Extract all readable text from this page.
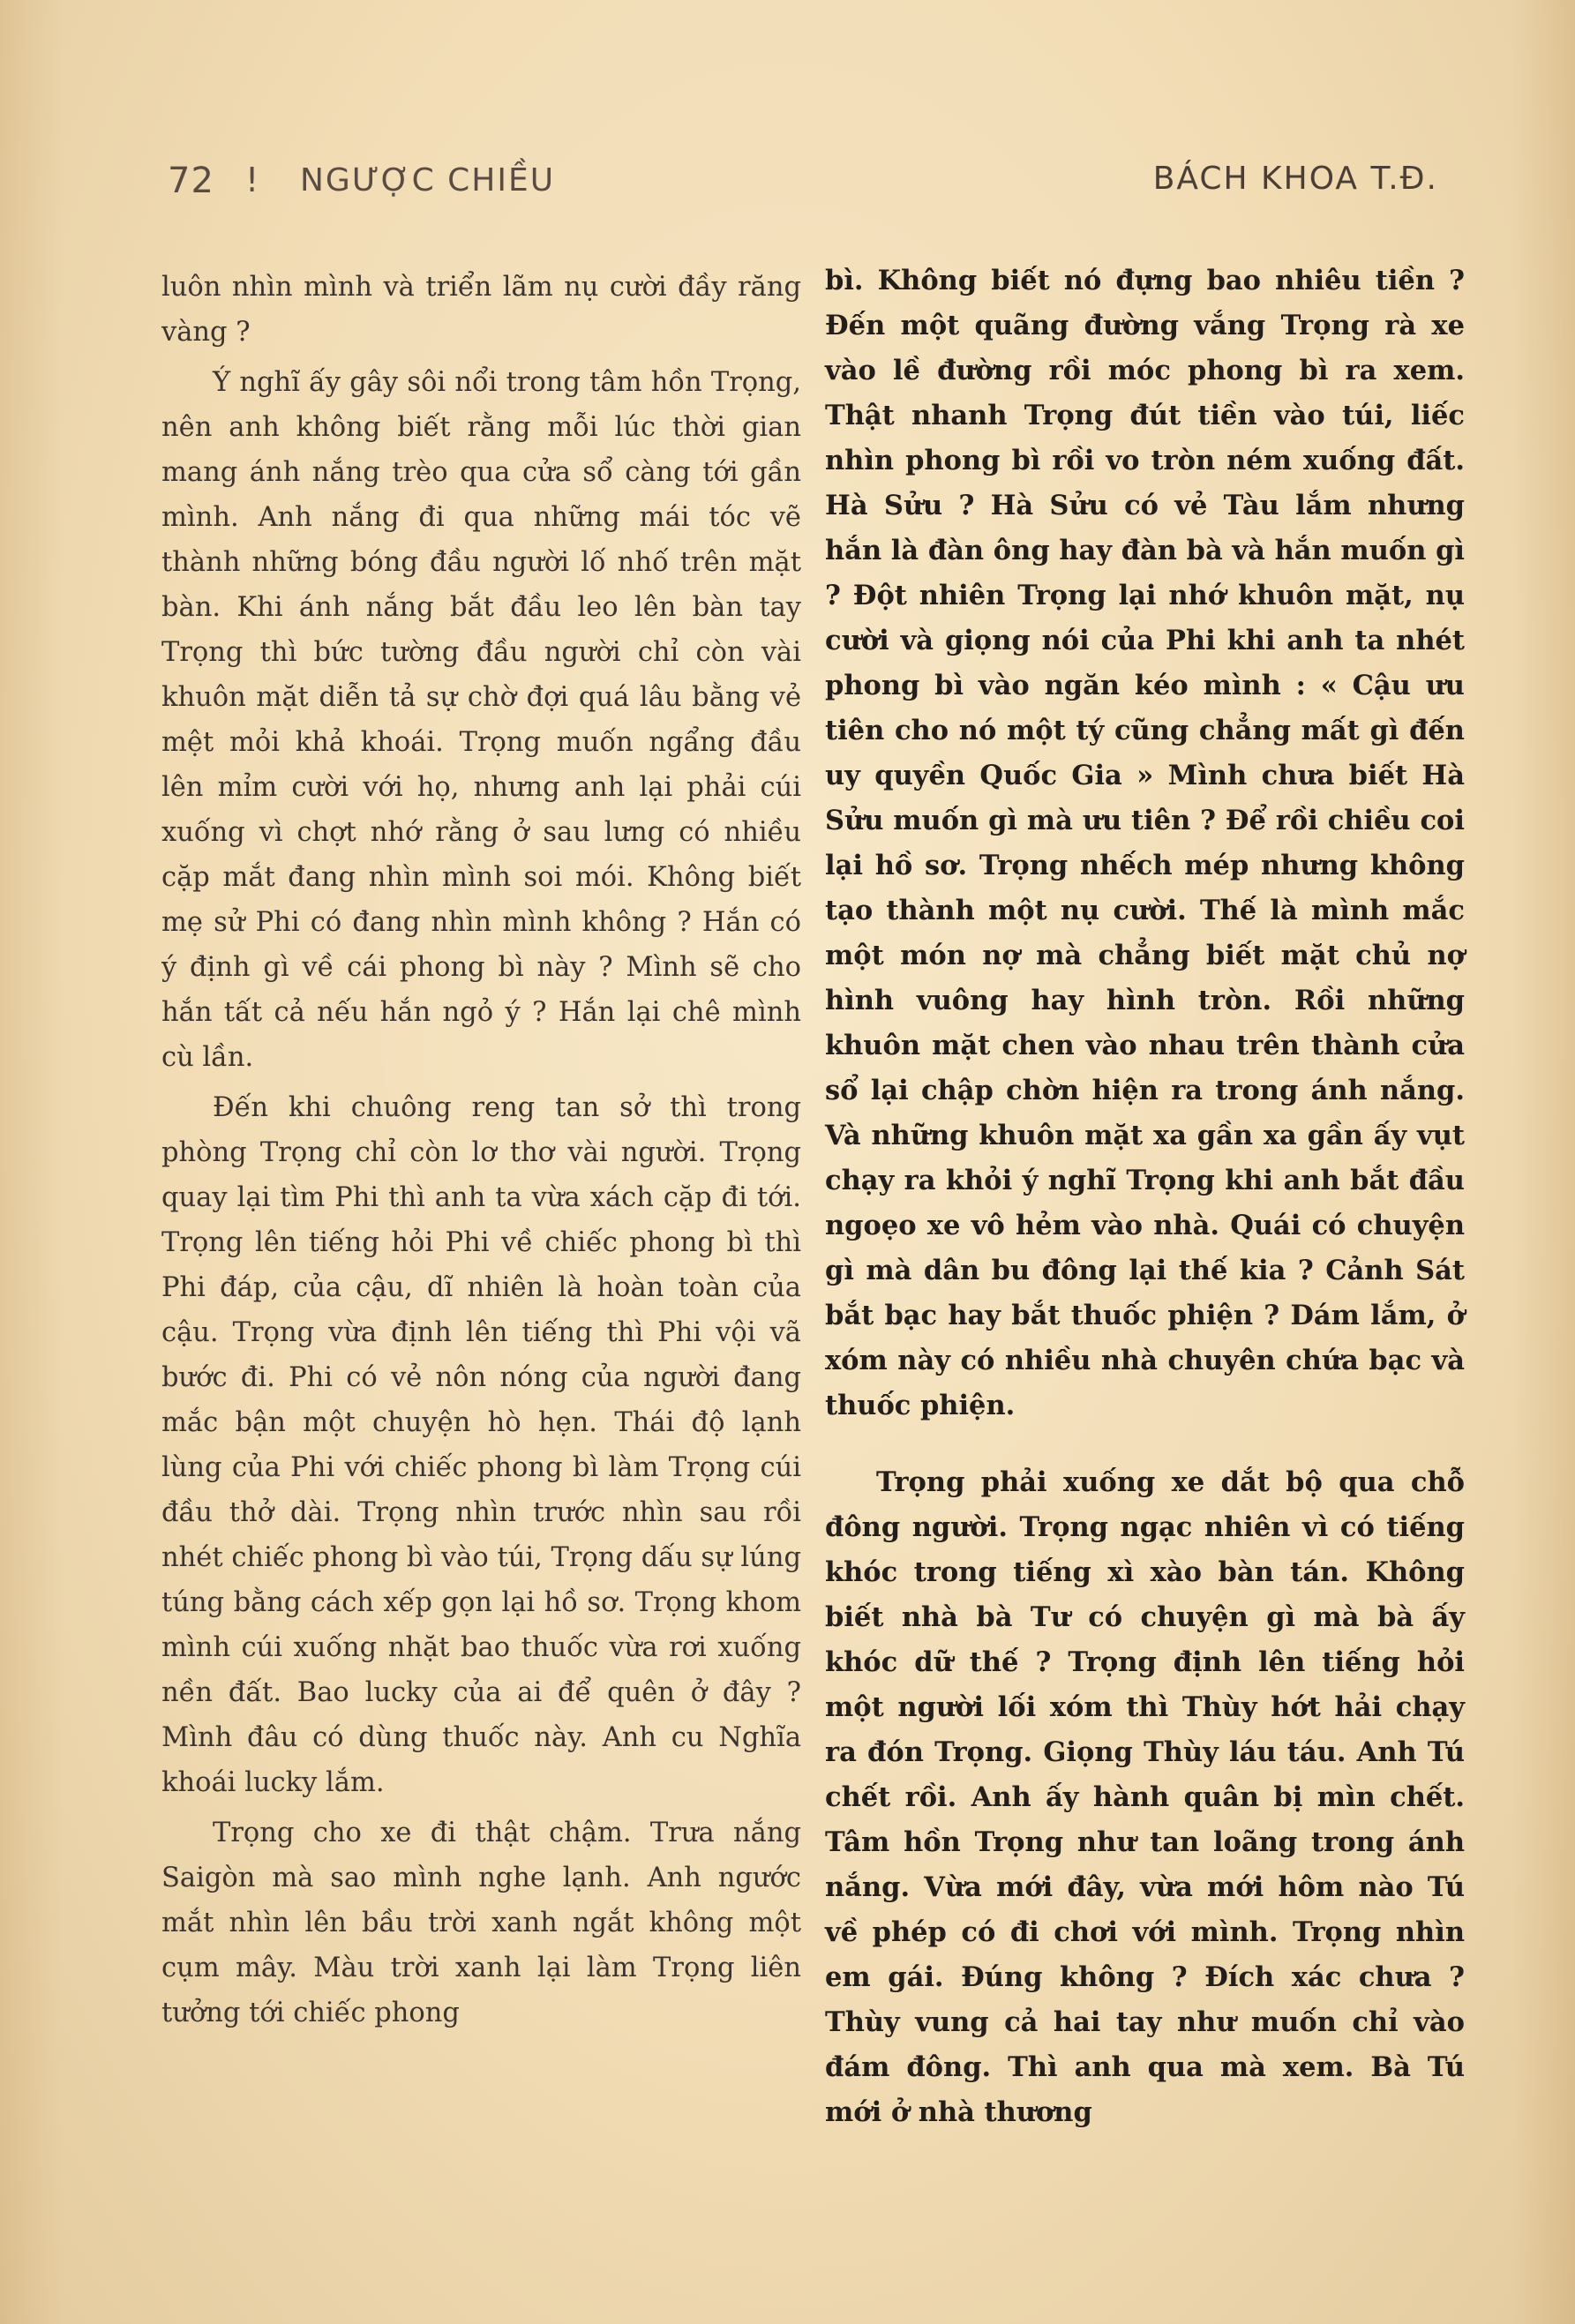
72 ! NGƯỢC CHIỀU	BÁCH KHOA T.Đ.

luôn nhìn mình và triển lãm nụ cười đầy răng vàng ?

Ý nghĩ ấy gây sôi nổi trong tâm hồn Trọng, nên anh không biết rằng mỗi lúc thời gian mang ánh nắng trèo qua cửa sổ càng tới gần mình. Anh nắng đi qua những mái tóc vẽ thành những bóng đầu người lố nhố trên mặt bàn. Khi ánh nắng bắt đầu leo lên bàn tay Trọng thì bức tường đầu người chỉ còn vài khuôn mặt diễn tả sự chờ đợi quá lâu bằng vẻ mệt mỏi khả khoái. Trọng muốn ngẩng đầu lên mỉm cười với họ, nhưng anh lại phải cúi xuống vì chợt nhớ rằng ở sau lưng có nhiều cặp mắt đang nhìn mình soi mói. Không biết mẹ sử Phi có đang nhìn mình không ? Hắn có ý định gì về cái phong bì này ? Mình sẽ cho hắn tất cả nếu hắn ngỏ ý ? Hắn lại chê mình cù lần.

Đến khi chuông reng tan sở thì trong phòng Trọng chỉ còn lơ thơ vài người. Trọng quay lại tìm Phi thì anh ta vừa xách cặp đi tới. Trọng lên tiếng hỏi Phi về chiếc phong bì thì Phi đáp, của cậu, dĩ nhiên là hoàn toàn của cậu. Trọng vừa định lên tiếng thì Phi vội vã bước đi. Phi có vẻ nôn nóng của người đang mắc bận một chuyện hò hẹn. Thái độ lạnh lùng của Phi với chiếc phong bì làm Trọng cúi đầu thở dài. Trọng nhìn trước nhìn sau rồi nhét chiếc phong bì vào túi, Trọng dấu sự lúng túng bằng cách xếp gọn lại hồ sơ. Trọng khom mình cúi xuống nhặt bao thuốc vừa rơi xuống nền đất. Bao lucky của ai để quên ở đây ? Mình đâu có dùng thuốc này. Anh cu Nghĩa khoái lucky lắm.

Trọng cho xe đi thật chậm. Trưa nắng Saigòn mà sao mình nghe lạnh. Anh ngước mắt nhìn lên bầu trời xanh ngắt không một cụm mây. Màu trời xanh lại làm Trọng liên tưởng tới chiếc phong

bì. Không biết nó đựng bao nhiêu tiền ? Đến một quãng đường vắng Trọng rà xe vào lề đường rồi móc phong bì ra xem. Thật nhanh Trọng đút tiền vào túi, liếc nhìn phong bì rồi vo tròn ném xuống đất. Hà Sửu ? Hà Sửu có vẻ Tàu lắm nhưng hắn là đàn ông hay đàn bà và hắn muốn gì ? Đột nhiên Trọng lại nhớ khuôn mặt, nụ cười và giọng nói của Phi khi anh ta nhét phong bì vào ngăn kéo mình : « Cậu ưu tiên cho nó một tý cũng chẳng mất gì đến uy quyền Quốc Gia » Mình chưa biết Hà Sửu muốn gì mà ưu tiên ? Để rồi chiều coi lại hồ sơ. Trọng nhếch mép nhưng không tạo thành một nụ cười. Thế là mình mắc một món nợ mà chẳng biết mặt chủ nợ hình vuông hay hình tròn. Rồi những khuôn mặt chen vào nhau trên thành cửa sổ lại chập chờn hiện ra trong ánh nắng. Và những khuôn mặt xa gần xa gần ấy vụt chạy ra khỏi ý nghĩ Trọng khi anh bắt đầu ngoẹo xe vô hẻm vào nhà. Quái có chuyện gì mà dân bu đông lại thế kia ? Cảnh Sát bắt bạc hay bắt thuốc phiện ? Dám lắm, ở xóm này có nhiều nhà chuyên chứa bạc và thuốc phiện.

Trọng phải xuống xe dắt bộ qua chỗ đông người. Trọng ngạc nhiên vì có tiếng khóc trong tiếng xì xào bàn tán. Không biết nhà bà Tư có chuyện gì mà bà ấy khóc dữ thế ? Trọng định lên tiếng hỏi một người lối xóm thì Thùy hớt hải chạy ra đón Trọng. Giọng Thùy láu táu. Anh Tú chết rồi. Anh ấy hành quân bị mìn chết. Tâm hồn Trọng như tan loãng trong ánh nắng. Vừa mới đây, vừa mới hôm nào Tú về phép có đi chơi với mình. Trọng nhìn em gái. Đúng không ? Đích xác chưa ? Thùy vung cả hai tay như muốn chỉ vào đám đông. Thì anh qua mà xem. Bà Tú mới ở nhà thương
